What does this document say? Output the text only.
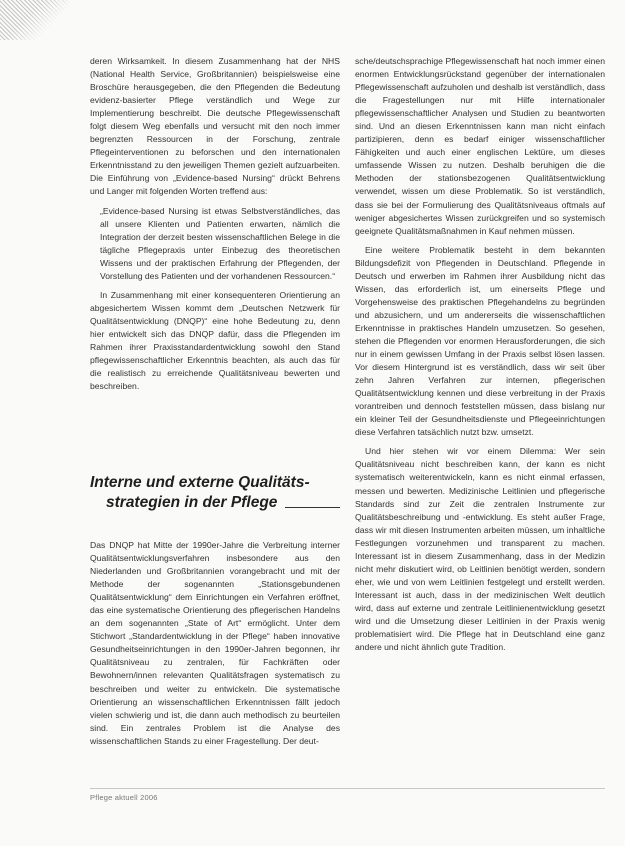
deren Wirksamkeit. In diesem Zusammenhang hat der NHS (National Health Service, Großbritannien) beispielsweise eine Broschüre herausgegeben, die den Pflegenden die Bedeutung evidenz-basierter Pflege verständlich und Wege zur Implementierung beschreibt. Die deutsche Pflegewissenschaft folgt diesem Weg ebenfalls und versucht mit den noch immer begrenzten Ressourcen in der Forschung, zentrale Pflegeinterventionen zu beforschen und den internationalen Erkenntnisstand zu den jeweiligen Themen gezielt aufzuarbeiten. Die Einführung von „Evidence-based Nursing“ drückt Behrens und Langer mit folgenden Worten treffend aus:

„Evidence-based Nursing ist etwas Selbstverständliches, das all unsere Klienten und Patienten erwarten, nämlich die Integration der derzeit besten wissenschaftlichen Belege in die tägliche Pflegepraxis unter Einbezug des theoretischen Wissens und der praktischen Erfahrung der Pflegenden, der Vorstellung des Patienten und der vorhandenen Ressourcen.“

In Zusammenhang mit einer konsequenteren Orientierung an abgesichertem Wissen kommt dem „Deutschen Netzwerk für Qualitätsentwicklung (DNQP)“ eine hohe Bedeutung zu, denn hier entwickelt sich das DNQP dafür, dass die Pflegenden im Rahmen ihrer Praxisstandardentwicklung sowohl den Stand pflegewissenschaftlicher Erkenntnis beachten, als auch das für die realistisch zu erreichende Qualitätsniveau bewerten und beschreiben.

Interne und externe Qualitäts-
strategien in der Pflege

Das DNQP hat Mitte der 1990er-Jahre die Verbreitung interner Qualitätsentwicklungsverfahren insbesondere aus den Niederlanden und Großbritannien vorangebracht und mit der Methode der sogenannten „Stationsgebundenen Qualitätsentwicklung“ dem Einrichtungen ein Verfahren eröffnet, das eine systematische Orientierung des pflegerischen Handelns an dem sogenannten „State of Art“ ermöglicht. Unter dem Stichwort „Standardentwicklung in der Pflege“ haben innovative Gesundheitseinrichtungen in den 1990er-Jahren begonnen, ihr Qualitätsniveau zu zentralen, für Fachkräften oder Bewohnern/innen relevanten Qualitätsfragen systematisch zu beschreiben und weiter zu entwickeln. Die systematische Orientierung an wissenschaftlichen Erkenntnissen fällt jedoch vielen schwierig und ist, die dann auch methodisch zu beurteilen sind. Ein zentrales Problem ist die Analyse des wissenschaftlichen Stands zu einer Fragestellung. Der deut-

sche/deutschsprachige Pflegewissenschaft hat noch immer einen enormen Entwicklungsrückstand gegenüber der internationalen Pflegewissenschaft aufzuholen und deshalb ist verständlich, dass die Fragestellungen nur mit Hilfe internationaler pflegewissenschaftlicher Analysen und Studien zu beantworten sind. Und an diesen Erkenntnissen kann man nicht einfach partizipieren, denn es bedarf einiger wissenschaftlicher Fähigkeiten und auch einer englischen Lektüre, um dieses umfassende Wissen zu nutzen. Deshalb beruhigen die die Methoden der stationsbezogenen Qualitätsentwicklung verwendet, wissen um diese Problematik. So ist verständlich, dass sie bei der Formulierung des Qualitätsniveaus oftmals auf weniger abgesichertes Wissen zurückgreifen und so systemisch geeignete Qualitätsmaßnahmen in Kauf nehmen müssen.

Eine weitere Problematik besteht in dem bekannten Bildungsdefizit von Pflegenden in Deutschland. Pflegende in Deutsch und erwerben im Rahmen ihrer Ausbildung nicht das Wissen, das erforderlich ist, um einerseits Pflege und Vorgehensweise des praktischen Pflegehandelns zu begründen und abzusichern, und um andererseits die wissenschaftlichen Erkenntnisse in praktisches Handeln umzusetzen. So gesehen, stehen die Pflegenden vor enormen Herausforderungen, die sich nur in einem gewissen Umfang in der Praxis selbst lösen lassen. Vor diesem Hintergrund ist es verständlich, dass wir seit über zehn Jahren Verfahren zur internen, pflegerischen Qualitätsentwicklung kennen und diese verbreitung in der Praxis vorantreiben und dennoch feststellen müssen, dass bislang nur ein kleiner Teil der Gesundheitsdienste und Pflegeeinrichtungen diese Verfahren tatsächlich nutzt bzw. umsetzt.

Und hier stehen wir vor einem Dilemma: Wer sein Qualitätsniveau nicht beschreiben kann, der kann es nicht systematisch weiterentwickeln, kann es nicht einmal erfassen, messen und bewerten. Medizinische Leitlinien und pflegerische Standards sind zur Zeit die zentralen Instrumente zur Qualitätsbeschreibung und -entwicklung. Es steht außer Frage, dass wir mit diesen Instrumenten arbeiten müssen, um inhaltliche Festlegungen vorzunehmen und transparent zu machen. Interessant ist in diesem Zusammenhang, dass in der Medizin nicht mehr diskutiert wird, ob Leitlinien benötigt werden, sondern eher, wie und von wem Leitlinien festgelegt und erstellt werden. Interessant ist auch, dass in der medizinischen Welt deutlich wird, dass auf externe und zentrale Leitlinienentwicklung gesetzt wird und die Umsetzung dieser Leitlinien in der Praxis wenig problematisiert wird. Die Pflege hat in Deutschland eine ganz andere und nicht ähnlich gute Tradition.

Pflege aktuell 2006
